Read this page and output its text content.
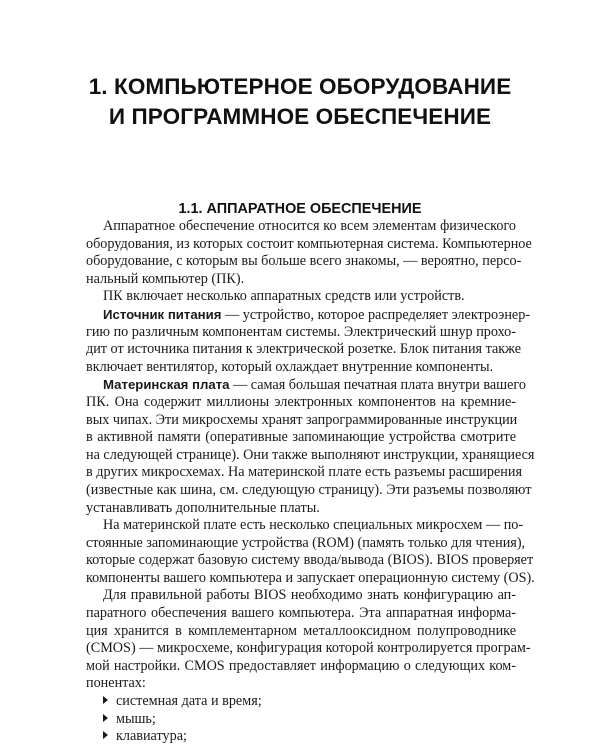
1. КОМПЬЮТЕРНОЕ ОБОРУДОВАНИЕ
И ПРОГРАММНОЕ ОБЕСПЕЧЕНИЕ
1.1. АППАРАТНОЕ ОБЕСПЕЧЕНИЕ
Аппаратное обеспечение относится ко всем элементам физического
оборудования, из которых состоит компьютерная система. Компьютерное
оборудование, с которым вы больше всего знакомы, — вероятно, персо-
нальный компьютер (ПК).
ПК включает несколько аппаратных средств или устройств.
Источник питания — устройство, которое распределяет электроэнер-
гию по различным компонентам системы. Электрический шнур прохо-
дит от источника питания к электрической розетке. Блок питания также
включает вентилятор, который охлаждает внутренние компоненты.
Материнская плата — самая большая печатная плата внутри вашего
ПК. Она содержит миллионы электронных компонентов на кремние-
вых чипах. Эти микросхемы хранят запрограммированные инструкции
в активной памяти (оперативные запоминающие устройства смотрите
на следующей странице). Они также выполняют инструкции, хранящиеся
в других микросхемах. На материнской плате есть разъемы расширения
(известные как шина, см. следующую страницу). Эти разъемы позволяют
устанавливать дополнительные платы.
На материнской плате есть несколько специальных микросхем — по-
стоянные запоминающие устройства (ROM) (память только для чтения),
которые содержат базовую систему ввода/вывода (BIOS). BIOS проверяет
компоненты вашего компьютера и запускает операционную систему (OS).
Для правильной работы BIOS необходимо знать конфигурацию ап-
паратного обеспечения вашего компьютера. Эта аппаратная информа-
ция хранится в комплементарном металлооксидном полупроводнике
(CMOS) — микросхеме, конфигурация которой контролируется програм-
мой настройки. CMOS предоставляет информацию о следующих ком-
понентах:
системная дата и время;
мышь;
клавиатура;
